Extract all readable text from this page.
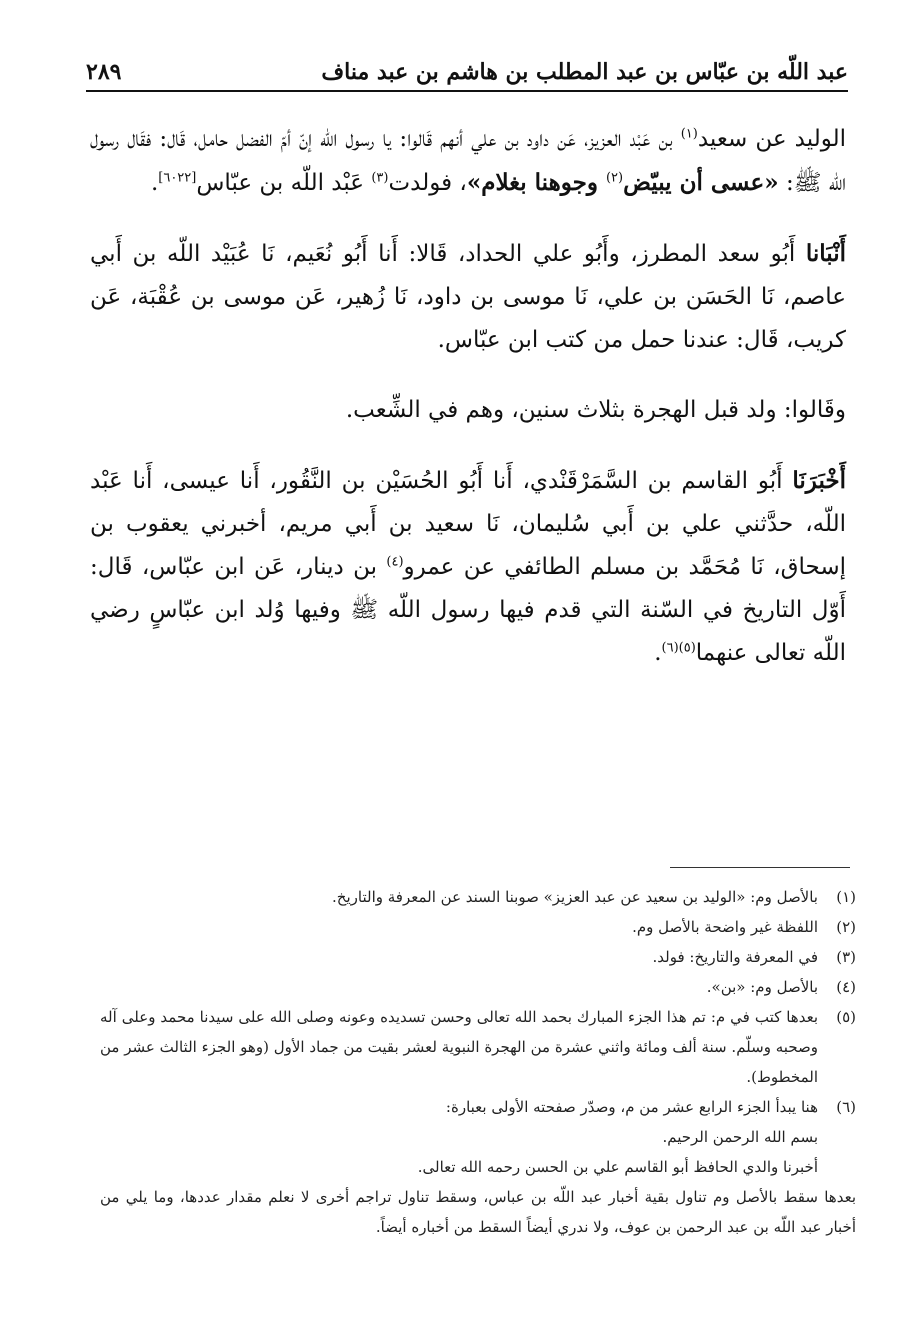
عبد اللّه بن عبّاس بن عبد المطلب بن هاشم بن عبد مناف
٢٨٩

الوليد عن سعيد$^{(١)}$ بن عَبْد العزيز، عَن داود بن علي أنهم قَالوا: يا رسول اللّه إنّ أمّ الفضل حامل، قَال: فقَال رسول اللّه ﷺ: «عسى أن يبيّض$^{(٢)}$ وجوهنا بغلام»، فولدت$^{(٣)}$ عَبْد اللّه بن عبّاس[٦٠٢٢].

أَنْبَانا أَبُو سعد المطرز، وأَبُو علي الحداد، قَالا: أَنا أَبُو نُعَيم، نَا عُبَيْد اللّه بن أَبي عاصم، نَا الحَسَن بن علي، نَا موسى بن داود، نَا زُهير، عَن موسى بن عُقْبَة، عَن كريب، قَال: عندنا حمل من كتب ابن عبّاس.

وقَالوا: ولد قبل الهجرة بثلاث سنين، وهم في الشِّعب.

أَخْبَرَنَا أَبُو القاسم بن السَّمَرْقَنْدي، أَنا أَبُو الحُسَيْن بن النَّقُور، أَنا عيسى، أَنا عَبْد اللّه، حدَّثني علي بن أَبي سُليمان، نَا سعيد بن أَبي مريم، أخبرني يعقوب بن إسحاق، نَا مُحَمَّد بن مسلم الطائفي عن عمرو$^{(٤)}$ بن دينار، عَن ابن عبّاس، قَال: أَوّل التاريخ في السّنة التي قدم فيها رسول اللّه ﷺ وفيها وُلد ابن عبّاسٍ رضي اللّه تعالى عنهما$^{(٥)(٦)}$.

(١)
بالأصل وم: «الوليد بن سعيد عن عبد العزيز» صوبنا السند عن المعرفة والتاريخ.
(٢)
اللفظة غير واضحة بالأصل وم.
(٣)
في المعرفة والتاريخ: فولد.
(٤)
بالأصل وم: «بن».
(٥)
بعدها كتب في م: تم هذا الجزء المبارك بحمد الله تعالى وحسن تسديده وعونه وصلى الله على سيدنا محمد وعلى آله وصحبه وسلّم. سنة ألف ومائة واثني عشرة من الهجرة النبوية لعشر بقيت من جماد الأول (وهو الجزء الثالث عشر من المخطوط).
(٦)
هنا يبدأ الجزء الرابع عشر من م، وصدّر صفحته الأولى بعبارة:
بسم الله الرحمن الرحيم.
أخبرنا والدي الحافظ أبو القاسم علي بن الحسن رحمه الله تعالى.
بعدها سقط بالأصل وم تناول بقية أخبار عبد اللّه بن عباس، وسقط تناول تراجم أخرى لا نعلم مقدار عددها، وما يلي من أخبار عبد اللّه بن عبد الرحمن بن عوف، ولا ندري أيضاً السقط من أخباره أيضاً.
